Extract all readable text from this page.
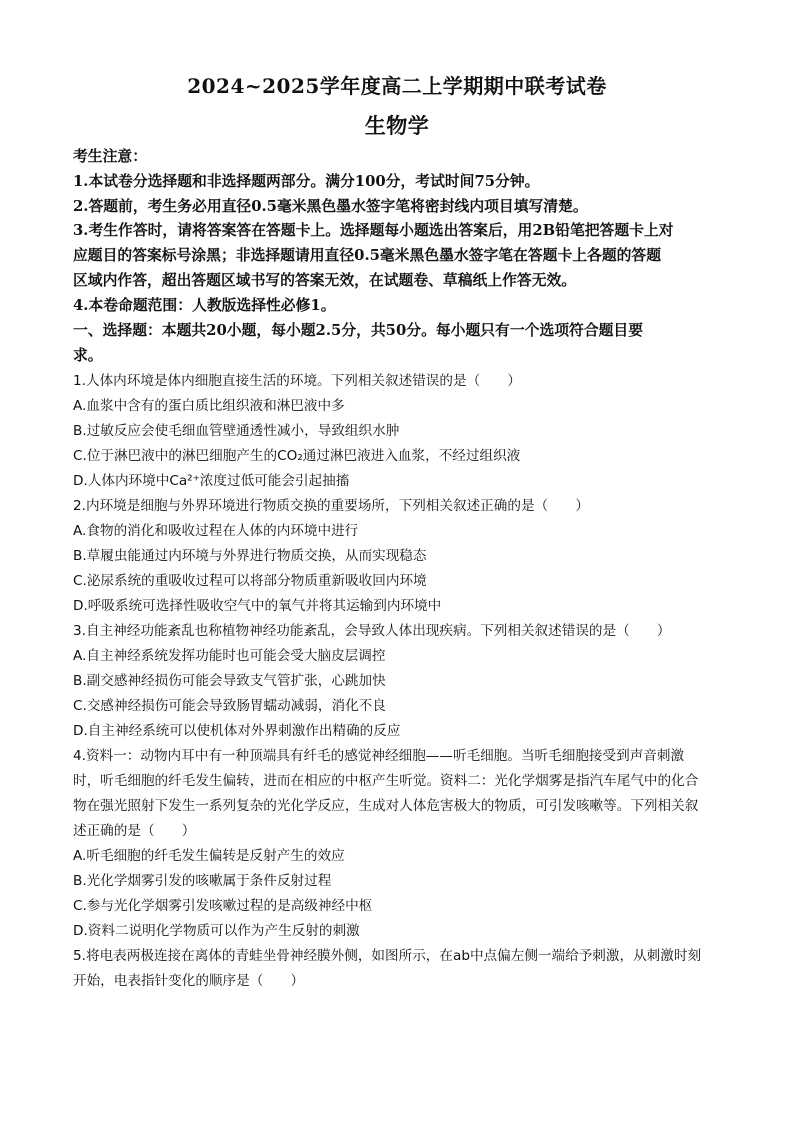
2024~2025学年度高二上学期期中联考试卷
生物学
考生注意：
1.本试卷分选择题和非选择题两部分。满分100分，考试时间75分钟。
2.答题前，考生务必用直径0.5毫米黑色墨水签字笔将密封线内项目填写清楚。
3.考生作答时，请将答案答在答题卡上。选择题每小题选出答案后，用2B铅笔把答题卡上对
应题目的答案标号涂黑；非选择题请用直径0.5毫米黑色墨水签字笔在答题卡上各题的答题
区域内作答，超出答题区域书写的答案无效，在试题卷、草稿纸上作答无效。
4.本卷命题范围：人教版选择性必修1。
一、选择题：本题共20小题，每小题2.5分，共50分。每小题只有一个选项符合题目要
求。
1.人体内环境是体内细胞直接生活的环境。下列相关叙述错误的是（　　）
A.血浆中含有的蛋白质比组织液和淋巴液中多
B.过敏反应会使毛细血管壁通透性减小，导致组织水肿
C.位于淋巴液中的淋巴细胞产生的CO₂通过淋巴液进入血浆，不经过组织液
D.人体内环境中Ca²⁺浓度过低可能会引起抽搐
2.内环境是细胞与外界环境进行物质交换的重要场所，下列相关叙述正确的是（　　）
A.食物的消化和吸收过程在人体的内环境中进行
B.草履虫能通过内环境与外界进行物质交换，从而实现稳态
C.泌尿系统的重吸收过程可以将部分物质重新吸收回内环境
D.呼吸系统可选择性吸收空气中的氧气并将其运输到内环境中
3.自主神经功能紊乱也称植物神经功能紊乱，会导致人体出现疾病。下列相关叙述错误的是（　　）
A.自主神经系统发挥功能时也可能会受大脑皮层调控
B.副交感神经损伤可能会导致支气管扩张，心跳加快
C.交感神经损伤可能会导致肠胃蠕动减弱，消化不良
D.自主神经系统可以使机体对外界刺激作出精确的反应
4.资料一：动物内耳中有一种顶端具有纤毛的感觉神经细胞——听毛细胞。当听毛细胞接受到声音刺激
时，听毛细胞的纤毛发生偏转，进而在相应的中枢产生听觉。资料二：光化学烟雾是指汽车尾气中的化合
物在强光照射下发生一系列复杂的光化学反应，生成对人体危害极大的物质，可引发咳嗽等。下列相关叙
述正确的是（　　）
A.听毛细胞的纤毛发生偏转是反射产生的效应
B.光化学烟雾引发的咳嗽属于条件反射过程
C.参与光化学烟雾引发咳嗽过程的是高级神经中枢
D.资料二说明化学物质可以作为产生反射的刺激
5.将电表两极连接在离体的青蛙坐骨神经膜外侧，如图所示，在ab中点偏左侧一端给予刺激，从刺激时刻
开始，电表指针变化的顺序是（　　）
